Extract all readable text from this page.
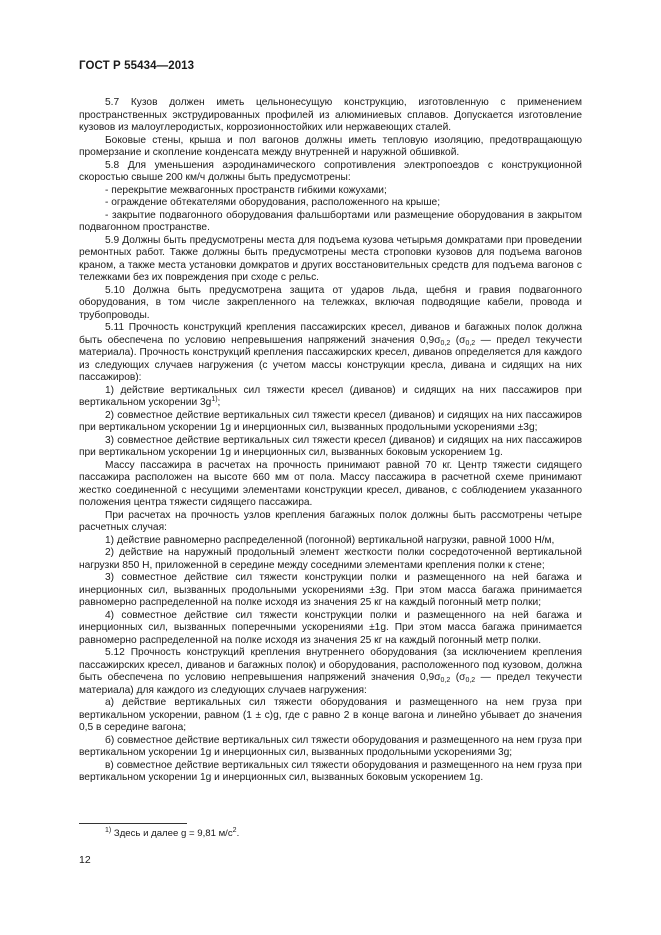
ГОСТ Р 55434—2013

5.7 Кузов должен иметь цельнонесущую конструкцию, изготовленную с применением пространственных экструдированных профилей из алюминиевых сплавов. Допускается изготовление кузовов из малоуглеродистых, коррозионностойких или нержавеющих сталей.

Боковые стены, крыша и пол вагонов должны иметь тепловую изоляцию, предотвращающую промерзание и скопление конденсата между внутренней и наружной обшивкой.

5.8 Для уменьшения аэродинамического сопротивления электропоездов с конструкционной скоростью свыше 200 км/ч должны быть предусмотрены:

- перекрытие межвагонных пространств гибкими кожухами;

- ограждение обтекателями оборудования, расположенного на крыше;

- закрытие подвагонного оборудования фальшбортами или размещение оборудования в закрытом подвагонном пространстве.

5.9 Должны быть предусмотрены места для подъема кузова четырьмя домкратами при проведении ремонтных работ. Также должны быть предусмотрены места строповки кузовов для подъема вагонов краном, а также места установки домкратов и других восстановительных средств для подъема вагонов с тележками без их повреждения при сходе с рельс.

5.10 Должна быть предусмотрена защита от ударов льда, щебня и гравия подвагонного оборудования, в том числе закрепленного на тележках, включая подводящие кабели, провода и трубопроводы.

5.11 Прочность конструкций крепления пассажирских кресел, диванов и багажных полок должна быть обеспечена по условию непревышения напряжений значения $0,9\sigma_{0,2}$ ($\sigma_{0,2}$ — предел текучести материала). Прочность конструкций крепления пассажирских кресел, диванов определяется для каждого из следующих случаев нагружения (с учетом массы конструкции кресла, дивана и сидящих на них пассажиров):

1) действие вертикальных сил тяжести кресел (диванов) и сидящих на них пассажиров при вертикальном ускорении $3g^{1)}$;

2) совместное действие вертикальных сил тяжести кресел (диванов) и сидящих на них пассажиров при вертикальном ускорении 1g и инерционных сил, вызванных продольными ускорениями ±3g;

3) совместное действие вертикальных сил тяжести кресел (диванов) и сидящих на них пассажиров при вертикальном ускорении 1g и инерционных сил, вызванных боковым ускорением 1g.

Массу пассажира в расчетах на прочность принимают равной 70 кг. Центр тяжести сидящего пассажира расположен на высоте 660 мм от пола. Массу пассажира в расчетной схеме принимают жестко соединенной с несущими элементами конструкции кресел, диванов, с соблюдением указанного положения центра тяжести сидящего пассажира.

При расчетах на прочность узлов крепления багажных полок должны быть рассмотрены четыре расчетных случая:

1) действие равномерно распределенной (погонной) вертикальной нагрузки, равной 1000 Н/м,

2) действие на наружный продольный элемент жесткости полки сосредоточенной вертикальной нагрузки 850 Н, приложенной в середине между соседними элементами крепления полки к стене;

3) совместное действие сил тяжести конструкции полки и размещенного на ней багажа и инерционных сил, вызванных продольными ускорениями ±3g. При этом масса багажа принимается равномерно распределенной на полке исходя из значения 25 кг на каждый погонный метр полки;

4) совместное действие сил тяжести конструкции полки и размещенного на ней багажа и инерционных сил, вызванных поперечными ускорениями ±1g. При этом масса багажа принимается равномерно распределенной на полке исходя из значения 25 кг на каждый погонный метр полки.

5.12 Прочность конструкций крепления внутреннего оборудования (за исключением крепления пассажирских кресел, диванов и багажных полок) и оборудования, расположенного под кузовом, должна быть обеспечена по условию непревышения напряжений значения $0,9\sigma_{0,2}$ ($\sigma_{0,2}$ — предел текучести материала) для каждого из следующих случаев нагружения:

а) действие вертикальных сил тяжести оборудования и размещенного на нем груза при вертикальном ускорении, равном (1 ± с)g, где с равно 2 в конце вагона и линейно убывает до значения 0,5 в середине вагона;

б) совместное действие вертикальных сил тяжести оборудования и размещенного на нем груза при вертикальном ускорении 1g и инерционных сил, вызванных продольными ускорениями 3g;

в) совместное действие вертикальных сил тяжести оборудования и размещенного на нем груза при вертикальном ускорении 1g и инерционных сил, вызванных боковым ускорением 1g.

$^{1)}$ Здесь и далее g = 9,81 $м/с^2$.
12
